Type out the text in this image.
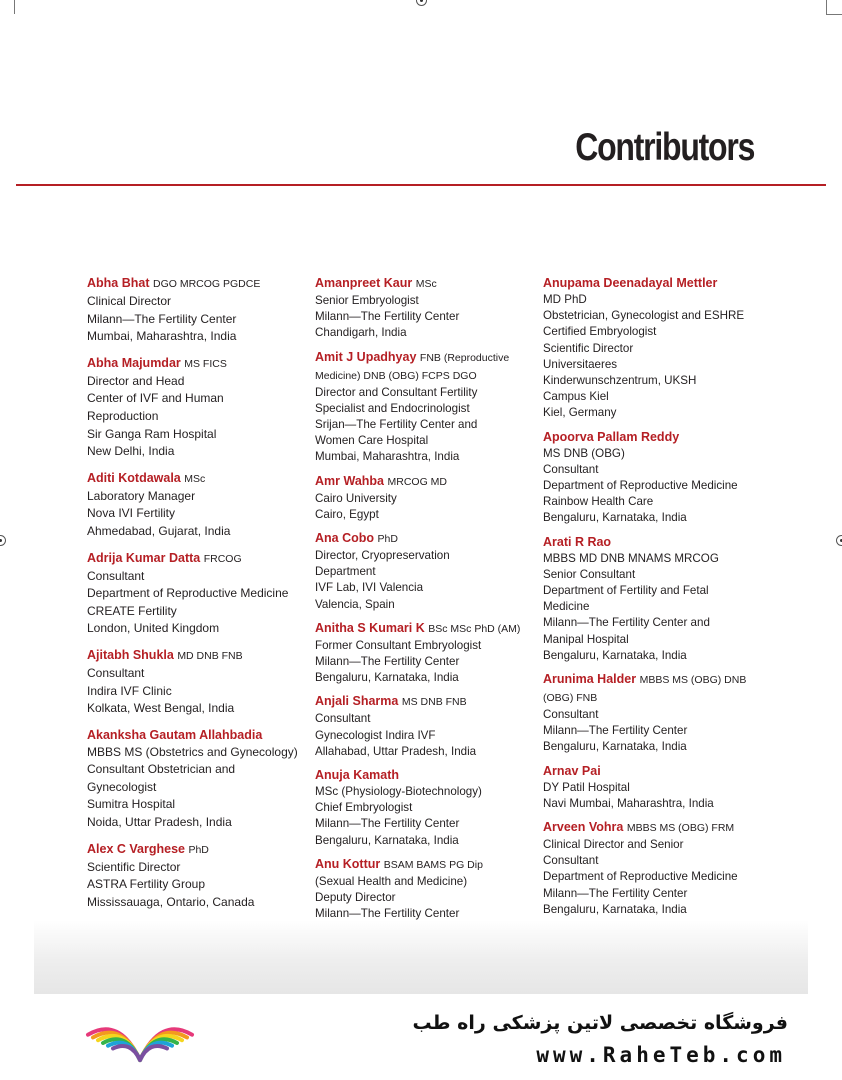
Contributors
Abha Bhat DGO MRCOG PGDCE
Clinical Director
Milann—The Fertility Center
Mumbai, Maharashtra, India
Abha Majumdar MS FICS
Director and Head
Center of IVF and Human
Reproduction
Sir Ganga Ram Hospital
New Delhi, India
Aditi Kotdawala MSc
Laboratory Manager
Nova IVI Fertility
Ahmedabad, Gujarat, India
Adrija Kumar Datta FRCOG
Consultant
Department of Reproductive Medicine
CREATE Fertility
London, United Kingdom
Ajitabh Shukla MD DNB FNB
Consultant
Indira IVF Clinic
Kolkata, West Bengal, India
Akanksha Gautam Allahbadia
MBBS MS (Obstetrics and Gynecology)
Consultant Obstetrician and
Gynecologist
Sumitra Hospital
Noida, Uttar Pradesh, India
Alex C Varghese PhD
Scientific Director
ASTRA Fertility Group
Mississauaga, Ontario, Canada
Amanpreet Kaur MSc
Senior Embryologist
Milann—The Fertility Center
Chandigarh, India
Amit J Upadhyay FNB (Reproductive Medicine) DNB (OBG) FCPS DGO
Director and Consultant Fertility
Specialist and Endocrinologist
Srijan—The Fertility Center and
Women Care Hospital
Mumbai, Maharashtra, India
Amr Wahba MRCOG MD
Cairo University
Cairo, Egypt
Ana Cobo PhD
Director, Cryopreservation
Department
IVF Lab, IVI Valencia
Valencia, Spain
Anitha S Kumari K BSc MSc PhD (AM)
Former Consultant Embryologist
Milann—The Fertility Center
Bengaluru, Karnataka, India
Anjali Sharma MS DNB FNB
Consultant
Gynecologist Indira IVF
Allahabad, Uttar Pradesh, India
Anuja Kamath
MSc (Physiology-Biotechnology)
Chief Embryologist
Milann—The Fertility Center
Bengaluru, Karnataka, India
Anu Kottur BSAM BAMS PG Dip
(Sexual Health and Medicine)
Deputy Director
Milann—The Fertility Center
Anupama Deenadayal Mettler
MD PhD
Obstetrician, Gynecologist and ESHRE
Certified Embryologist
Scientific Director
Universitaeres
Kinderwunschzentrum, UKSH
Campus Kiel
Kiel, Germany
Apoorva Pallam Reddy
MS DNB (OBG)
Consultant
Department of Reproductive Medicine
Rainbow Health Care
Bengaluru, Karnataka, India
Arati R Rao
MBBS MD DNB MNAMS MRCOG
Senior Consultant
Department of Fertility and Fetal
Medicine
Milann—The Fertility Center and
Manipal Hospital
Bengaluru, Karnataka, India
Arunima Halder MBBS MS (OBG) DNB (OBG) FNB
Consultant
Milann—The Fertility Center
Bengaluru, Karnataka, India
Arnav Pai
DY Patil Hospital
Navi Mumbai, Maharashtra, India
Arveen Vohra MBBS MS (OBG) FRM
Clinical Director and Senior
Consultant
Department of Reproductive Medicine
Milann—The Fertility Center
Bengaluru, Karnataka, India
فروشگاه تخصصی لاتین پزشکی راه طب
www.RaheTeb.com
